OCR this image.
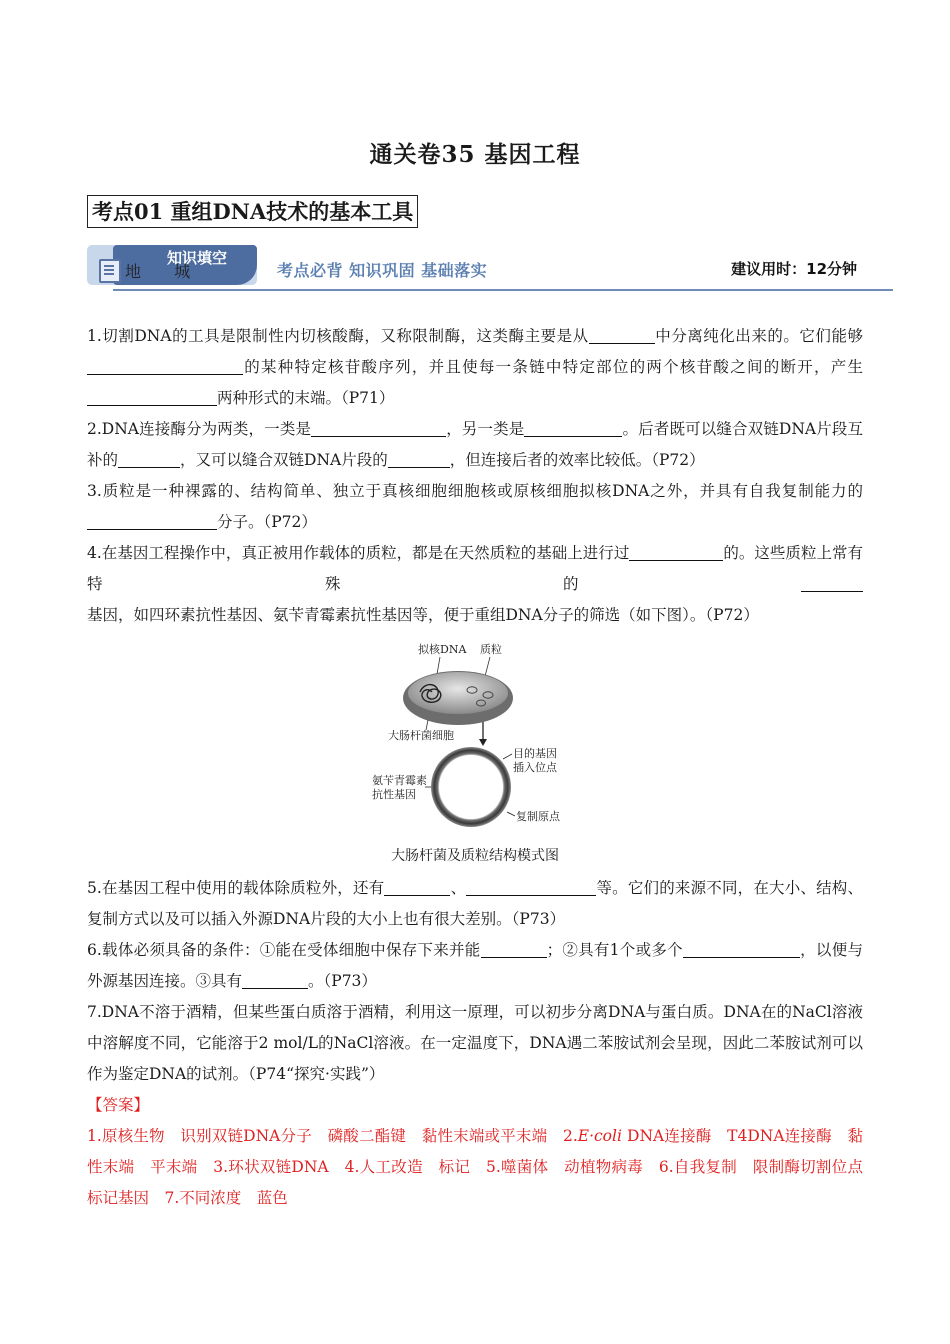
通关卷35 基因工程
考点01 重组DNA技术的基本工具
知识填空
地 城	考点必背 知识巩固 基础落实	建议用时：12分钟

1.切割DNA的工具是限制性内切核酸酶，又称限制酶，这类酶主要是从	中分离纯化出来的。它们能够的某种特定核苷酸序列，并且使每一条链中特定部位的两个核苷酸之间的断开，产生两种形式的末端。（P71）

2.DNA连接酶分为两类，一类是	，另一类是	。后者既可以缝合双链DNA片段互补的	，又可以缝合双链DNA片段的	，但连接后者的效率比较低。（P72）

3.质粒是一种裸露的、结构简单、独立于真核细胞细胞核或原核细胞拟核DNA之外，并具有自我复制能力的分子。（P72）

4.在基因工程操作中，真正被用作载体的质粒，都是在天然质粒的基础上进行过	的。这些质粒上常有特殊的基因，如四环素抗性基因、氨苄青霉素抗性基因等，便于重组DNA分子的筛选（如下图）。（P72）

拟核DNA 质粒
大肠杆菌细胞
目的基因
插入位点
氨苄青霉素
抗性基因
复制原点
大肠杆菌及质粒结构模式图

5.在基因工程中使用的载体除质粒外，还有	、	等。它们的来源不同，在大小、结构、复制方式以及可以插入外源DNA片段的大小上也有很大差别。（P73）

6.载体必须具备的条件：①能在受体细胞中保存下来并能	；②具有1个或多个	，以便与外源基因连接。③具有	。（P73）

7.DNA不溶于酒精，但某些蛋白质溶于酒精，利用这一原理，可以初步分离DNA与蛋白质。DNA在的NaCl溶液中溶解度不同，它能溶于2 mol/L的NaCl溶液。在一定温度下，DNA遇二苯胺试剂会呈现，因此二苯胺试剂可以作为鉴定DNA的试剂。（P74“探究·实践”）

【答案】

1.原核生物　识别双链DNA分子　磷酸二酯键　黏性末端或平末端　2.E·coli DNA连接酶　T4DNA连接酶　黏性末端　平末端　3.环状双链DNA　4.人工改造　标记　5.噬菌体　动植物病毒　6.自我复制　限制酶切割位点　标记基因　7.不同浓度　蓝色
